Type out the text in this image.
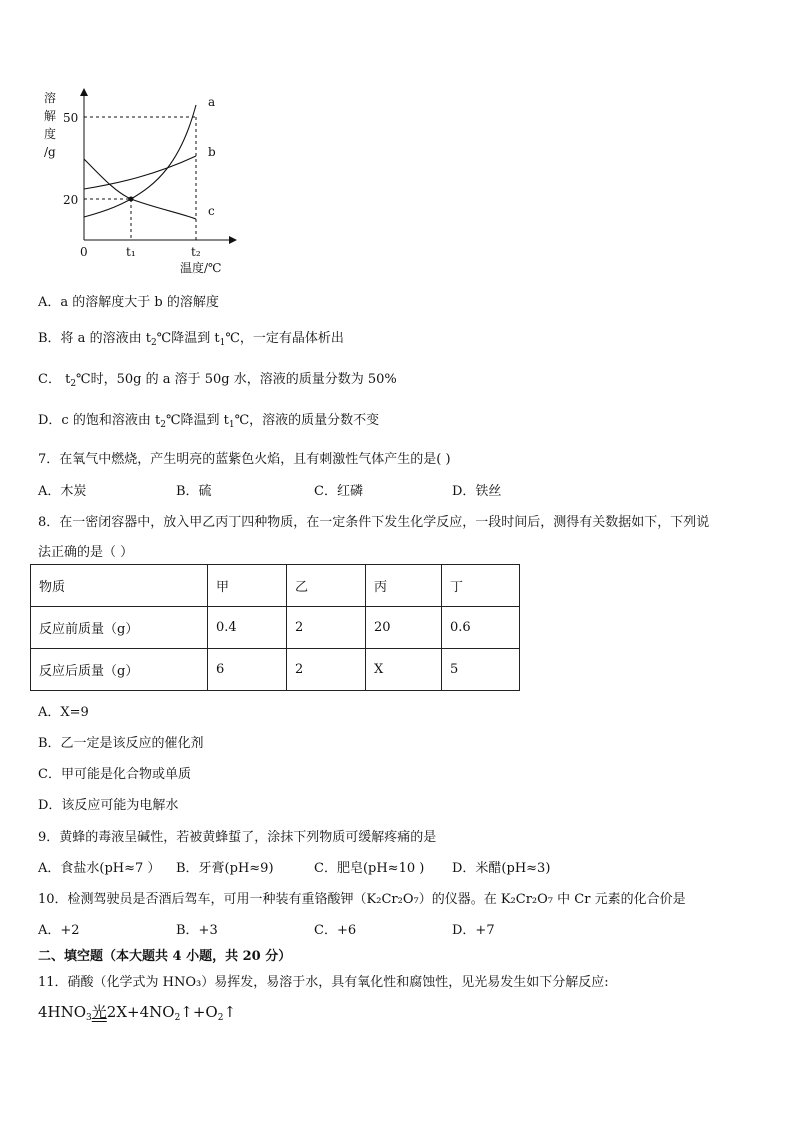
溶
解
度
/g
a
b
c
50
20
0	t₁	t₂
温度/℃
A．a 的溶解度大于 b 的溶解度
B．将 a 的溶液由 $t_2℃$降温到 $t_1℃$，一定有晶体析出
C． $t_2℃$时，50g 的 a 溶于 50g 水，溶液的质量分数为 50%
D．c 的饱和溶液由 $t_2℃$降温到 $t_1℃$，溶液的质量分数不变
7．在氧气中燃烧，产生明亮的蓝紫色火焰，且有刺激性气体产生的是( )
A．木炭	B．硫	C．红磷	D．铁丝
8．在一密闭容器中，放入甲乙丙丁四种物质，在一定条件下发生化学反应，一段时间后，测得有关数据如下，下列说
法正确的是（ ）
物质	甲	乙	丙	丁
反应前质量（g）	0.4	2	20	0.6
反应后质量（g）	6	2	X	5
A．X=9
B．乙一定是该反应的催化剂
C．甲可能是化合物或单质
D．该反应可能为电解水
9．黄蜂的毒液呈碱性，若被黄蜂蜇了，涂抹下列物质可缓解疼痛的是
A．食盐水(pH≈7 ） B．牙膏(pH≈9)	C．肥皂(pH≈10 ) D．米醋(pH≈3)
10．检测驾驶员是否酒后驾车，可用一种装有重铬酸钾（K₂Cr₂O₇）的仪器。在 K₂Cr₂O₇ 中 Cr 元素的化合价是
A．+2	B．+3	C．+6	D．+7
二、填空题（本大题共 4 小题，共 20 分）
11．硝酸（化学式为 HNO₃）易挥发，易溶于水，具有氧化性和腐蚀性，见光易发生如下分解反应:
$4HNO_3$光$2X+4NO_2↑+O_2↑$
